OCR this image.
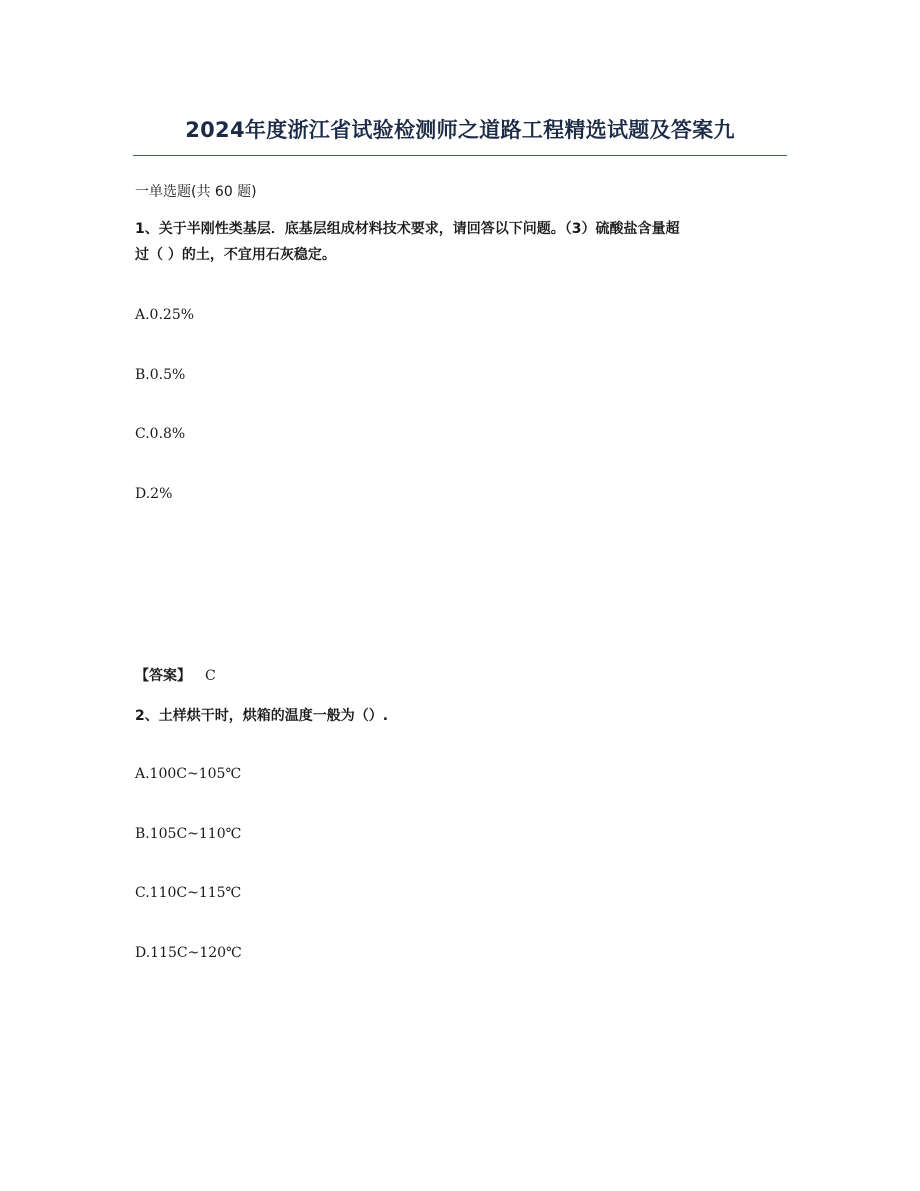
2024年度浙江省试验检测师之道路工程精选试题及答案九
一单选题(共 60 题)
1、关于半刚性类基层．底基层组成材料技术要求，请回答以下问题。（3）硫酸盐含量超
过（ ）的土，不宜用石灰稳定。
A.0.25%
B.0.5%
C.0.8%
D.2%
【答案】 C
2、土样烘干时，烘箱的温度一般为（）.
A.100C~105℃
B.105C~110℃
C.110C~115℃
D.115C~120℃
